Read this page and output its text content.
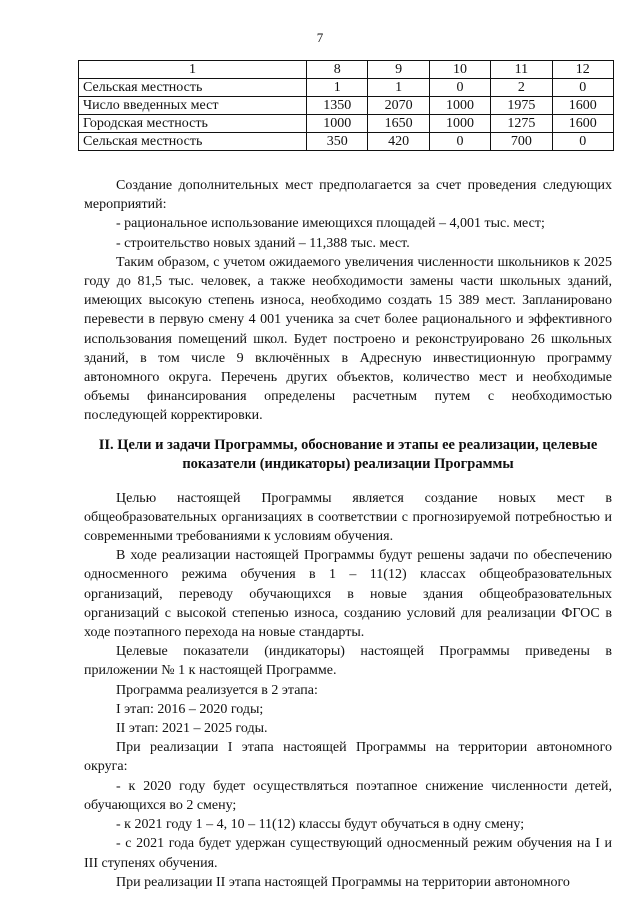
7
1	8	9	10	11	12
Сельская местность	1	1	0	2	0
Число введенных мест	1350	2070	1000	1975	1600
Городская местность	1000	1650	1000	1275	1600
Сельская местность	350	420	0	700	0

Создание дополнительных мест предполагается за счет проведения следующих мероприятий:

- рациональное использование имеющихся площадей – 4,001 тыс. мест;

- строительство новых зданий – 11,388 тыс. мест.

Таким образом, с учетом ожидаемого увеличения численности школьников к 2025 году до 81,5 тыс. человек, а также необходимости замены части школьных зданий, имеющих высокую степень износа, необходимо создать 15 389 мест. Запланировано перевести в первую смену 4 001 ученика за счет более рационального и эффективного использования помещений школ. Будет построено и реконструировано 26 школьных зданий, в том числе 9 включённых в Адресную инвестиционную программу автономного округа. Перечень других объектов, количество мест и необходимые объемы финансирования определены расчетным путем с необходимостью последующей корректировки.

II. Цели и задачи Программы, обоснование и этапы ее реализации, целевые показатели (индикаторы) реализации Программы

Целью настоящей Программы является создание новых мест в общеобразовательных организациях в соответствии с прогнозируемой потребностью и современными требованиями к условиям обучения.

В ходе реализации настоящей Программы будут решены задачи по обеспечению односменного режима обучения в 1 – 11(12) классах общеобразовательных организаций, переводу обучающихся в новые здания общеобразовательных организаций с высокой степенью износа, созданию условий для реализации ФГОС в ходе поэтапного перехода на новые стандарты.

Целевые показатели (индикаторы) настоящей Программы приведены в приложении № 1 к настоящей Программе.

Программа реализуется в 2 этапа:

I этап: 2016 – 2020 годы;

II этап: 2021 – 2025 годы.

При реализации I этапа настоящей Программы на территории автономного округа:

- к 2020 году будет осуществляться поэтапное снижение численности детей, обучающихся во 2 смену;

- к 2021 году 1 – 4, 10 – 11(12) классы будут обучаться в одну смену;

- с 2021 года будет удержан существующий односменный режим обучения на I и III ступенях обучения.

При реализации II этапа настоящей Программы на территории автономного
